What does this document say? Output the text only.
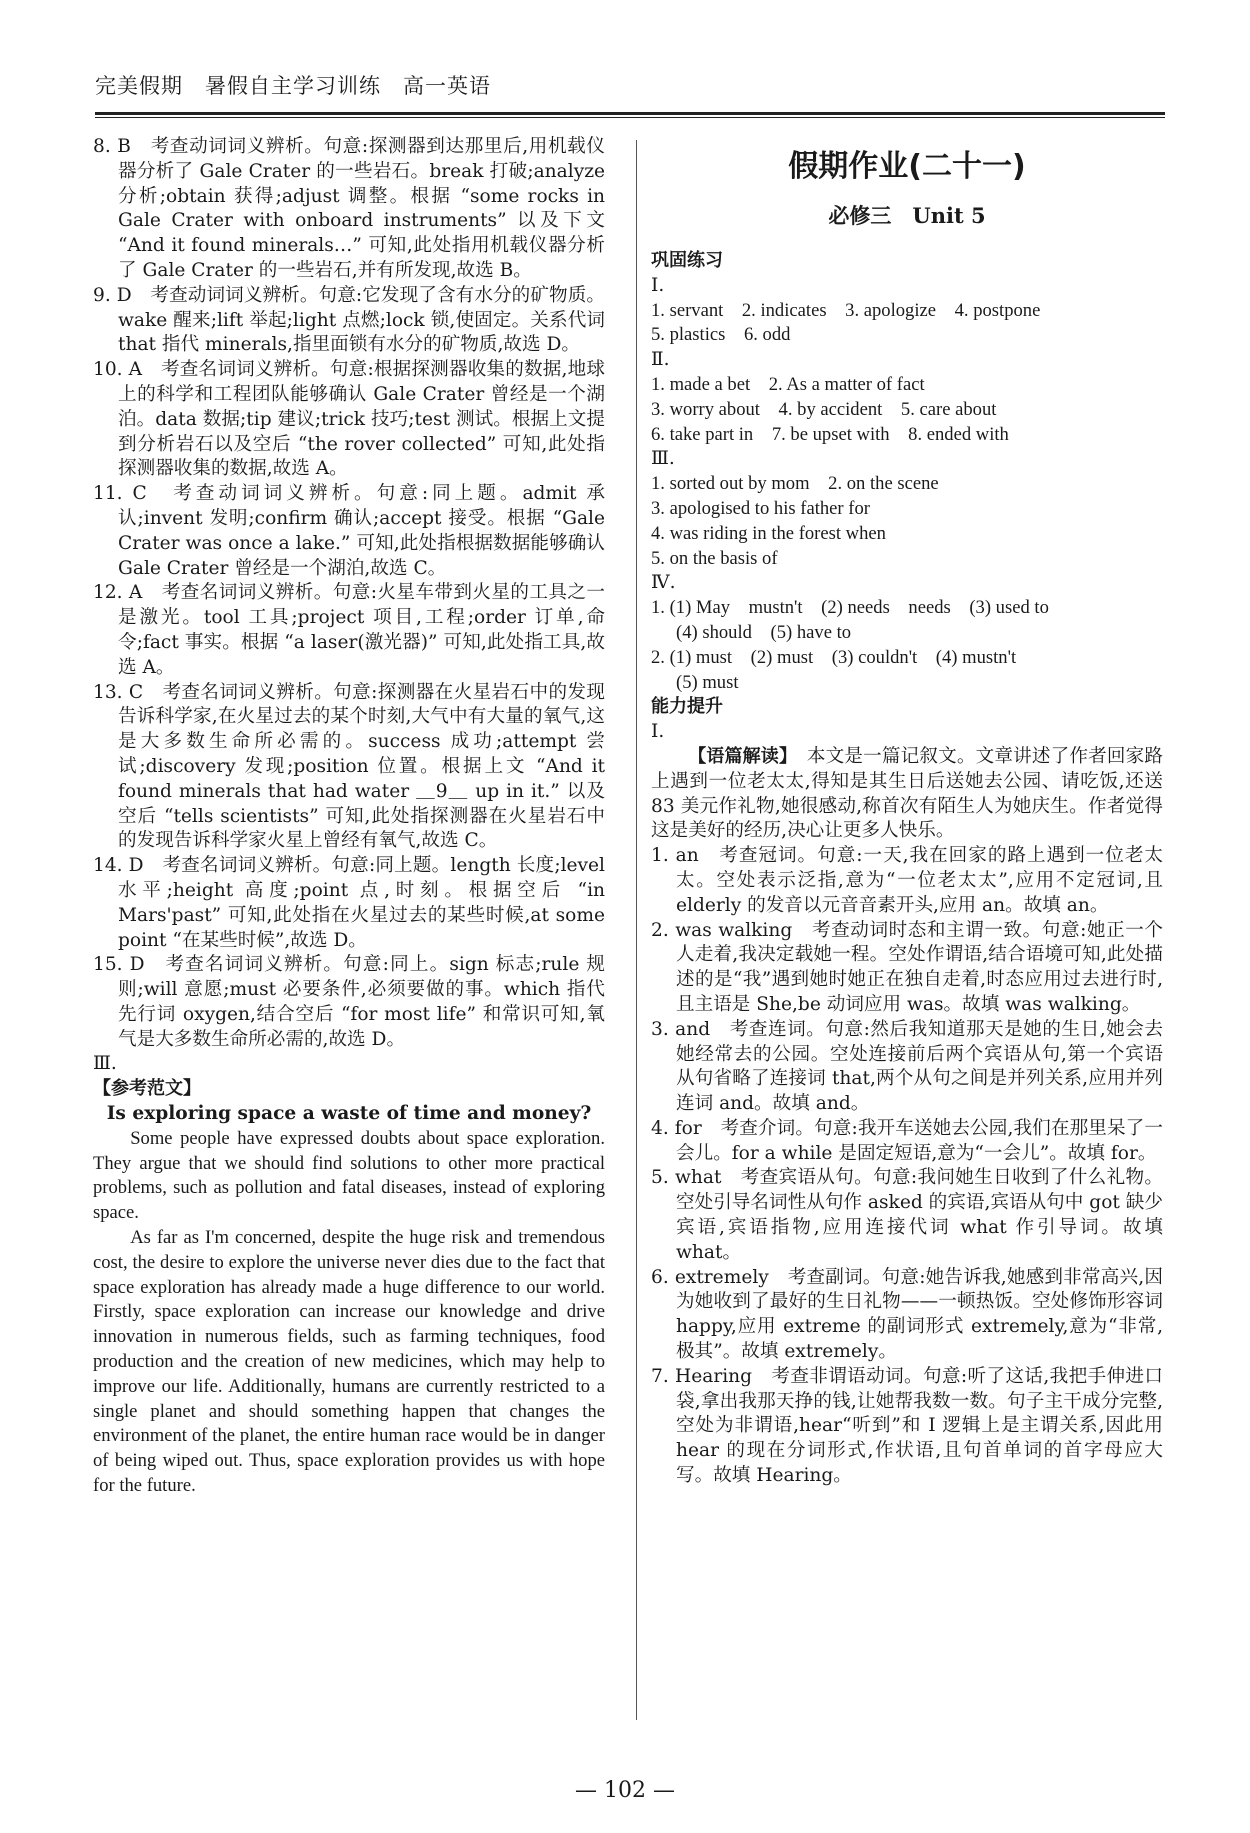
完美假期　暑假自主学习训练　高一英语

8. B　 考查动词词义辨析。句意:探测器到达那里后,用机载仪器分析了 Gale Crater 的一些岩石。break 打破;analyze 分析;obtain 获得;adjust 调整。根据 “some rocks in Gale Crater with onboard instruments” 以及下文 “And it found minerals…” 可知,此处指用机载仪器分析了 Gale Crater 的一些岩石,并有所发现,故选 B。

9. D　 考查动词词义辨析。句意:它发现了含有水分的矿物质。wake 醒来;lift 举起;light 点燃;lock 锁,使固定。关系代词 that 指代 minerals,指里面锁有水分的矿物质,故选 D。

10. A　 考查名词词义辨析。句意:根据探测器收集的数据,地球上的科学和工程团队能够确认 Gale Crater 曾经是一个湖泊。data 数据;tip 建议;trick 技巧;test 测试。根据上文提到分析岩石以及空后 “the rover collected” 可知,此处指探测器收集的数据,故选 A。

11. C　 考查动词词义辨析。句意:同上题。admit 承认;invent 发明;confirm 确认;accept 接受。根据 “Gale Crater was once a lake.” 可知,此处指根据数据能够确认 Gale Crater 曾经是一个湖泊,故选 C。

12. A　 考查名词词义辨析。句意:火星车带到火星的工具之一是激光。tool 工具;project 项目,工程;order 订单,命令;fact 事实。根据 “a laser(激光器)” 可知,此处指工具,故选 A。

13. C　 考查名词词义辨析。句意:探测器在火星岩石中的发现告诉科学家,在火星过去的某个时刻,大气中有大量的氧气,这是大多数生命所必需的。success 成功;attempt 尝试;discovery 发现;position 位置。根据上文 “And it found minerals that had water ＿9＿ up in it.” 以及空后 “tells scientists” 可知,此处指探测器在火星岩石中的发现告诉科学家火星上曾经有氧气,故选 C。

14. D　 考查名词词义辨析。句意:同上题。length 长度;level 水平;height 高度;point 点,时刻。根据空后 “in Mars'past” 可知,此处指在火星过去的某些时候,at some point “在某些时候”,故选 D。

15. D　 考查名词词义辨析。句意:同上。sign 标志;rule 规则;will 意愿;must 必要条件,必须要做的事。which 指代先行词 oxygen,结合空后 “for most life” 和常识可知,氧气是大多数生命所必需的,故选 D。

Ⅲ.

【参考范文】

Is exploring space a waste of time and money?

Some people have expressed doubts about space exploration. They argue that we should find solutions to other more practical problems, such as pollution and fatal diseases, instead of exploring space.

As far as I'm concerned, despite the huge risk and tremendous cost, the desire to explore the universe never dies due to the fact that space exploration has already made a huge difference to our world. Firstly, space exploration can increase our knowledge and drive innovation in numerous fields, such as farming techniques, food production and the creation of new medicines, which may help to improve our life. Additionally, humans are currently restricted to a single planet and should something happen that changes the environment of the planet, the entire human race would be in danger of being wiped out. Thus, space exploration provides us with hope for the future.

假期作业(二十一)
必修三　Unit 5

巩固练习

Ⅰ.

1. servant　2. indicates　3. apologize　4. postpone

5. plastics　6. odd

Ⅱ.

1. made a bet　2. As a matter of fact

3. worry about　4. by accident　5. care about

6. take part in　7. be upset with　8. ended with

Ⅲ.

1. sorted out by mom　2. on the scene

3. apologised to his father for

4. was riding in the forest when

5. on the basis of

Ⅳ.

1. (1) May　mustn't　(2) needs　needs　(3) used to

(4) should　(5) have to

2. (1) must　(2) must　(3) couldn't　(4) mustn't

(5) must

能力提升

Ⅰ.

【语篇解读】　 本文是一篇记叙文。文章讲述了作者回家路上遇到一位老太太,得知是其生日后送她去公园、请吃饭,还送 83 美元作礼物,她很感动,称首次有陌生人为她庆生。作者觉得这是美好的经历,决心让更多人快乐。

1. an　 考查冠词。句意:一天,我在回家的路上遇到一位老太太。空处表示泛指,意为“一位老太太”,应用不定冠词,且 elderly 的发音以元音音素开头,应用 an。故填 an。

2. was walking　 考查动词时态和主谓一致。句意:她正一个人走着,我决定载她一程。空处作谓语,结合语境可知,此处描述的是“我”遇到她时她正在独自走着,时态应用过去进行时,且主语是 She,be 动词应用 was。故填 was walking。

3. and　 考查连词。句意:然后我知道那天是她的生日,她会去她经常去的公园。空处连接前后两个宾语从句,第一个宾语从句省略了连接词 that,两个从句之间是并列关系,应用并列连词 and。故填 and。

4. for　 考查介词。句意:我开车送她去公园,我们在那里呆了一会儿。for a while 是固定短语,意为“一会儿”。故填 for。

5. what　 考查宾语从句。句意:我问她生日收到了什么礼物。空处引导名词性从句作 asked 的宾语,宾语从句中 got 缺少宾语,宾语指物,应用连接代词 what 作引导词。故填 what。

6. extremely　 考查副词。句意:她告诉我,她感到非常高兴,因为她收到了最好的生日礼物——一顿热饭。空处修饰形容词 happy,应用 extreme 的副词形式 extremely,意为“非常,极其”。故填 extremely。

7. Hearing　 考查非谓语动词。句意:听了这话,我把手伸进口袋,拿出我那天挣的钱,让她帮我数一数。句子主干成分完整,空处为非谓语,hear“听到”和 I 逻辑上是主谓关系,因此用 hear 的现在分词形式,作状语,且句首单词的首字母应大写。故填 Hearing。

— 102 —
